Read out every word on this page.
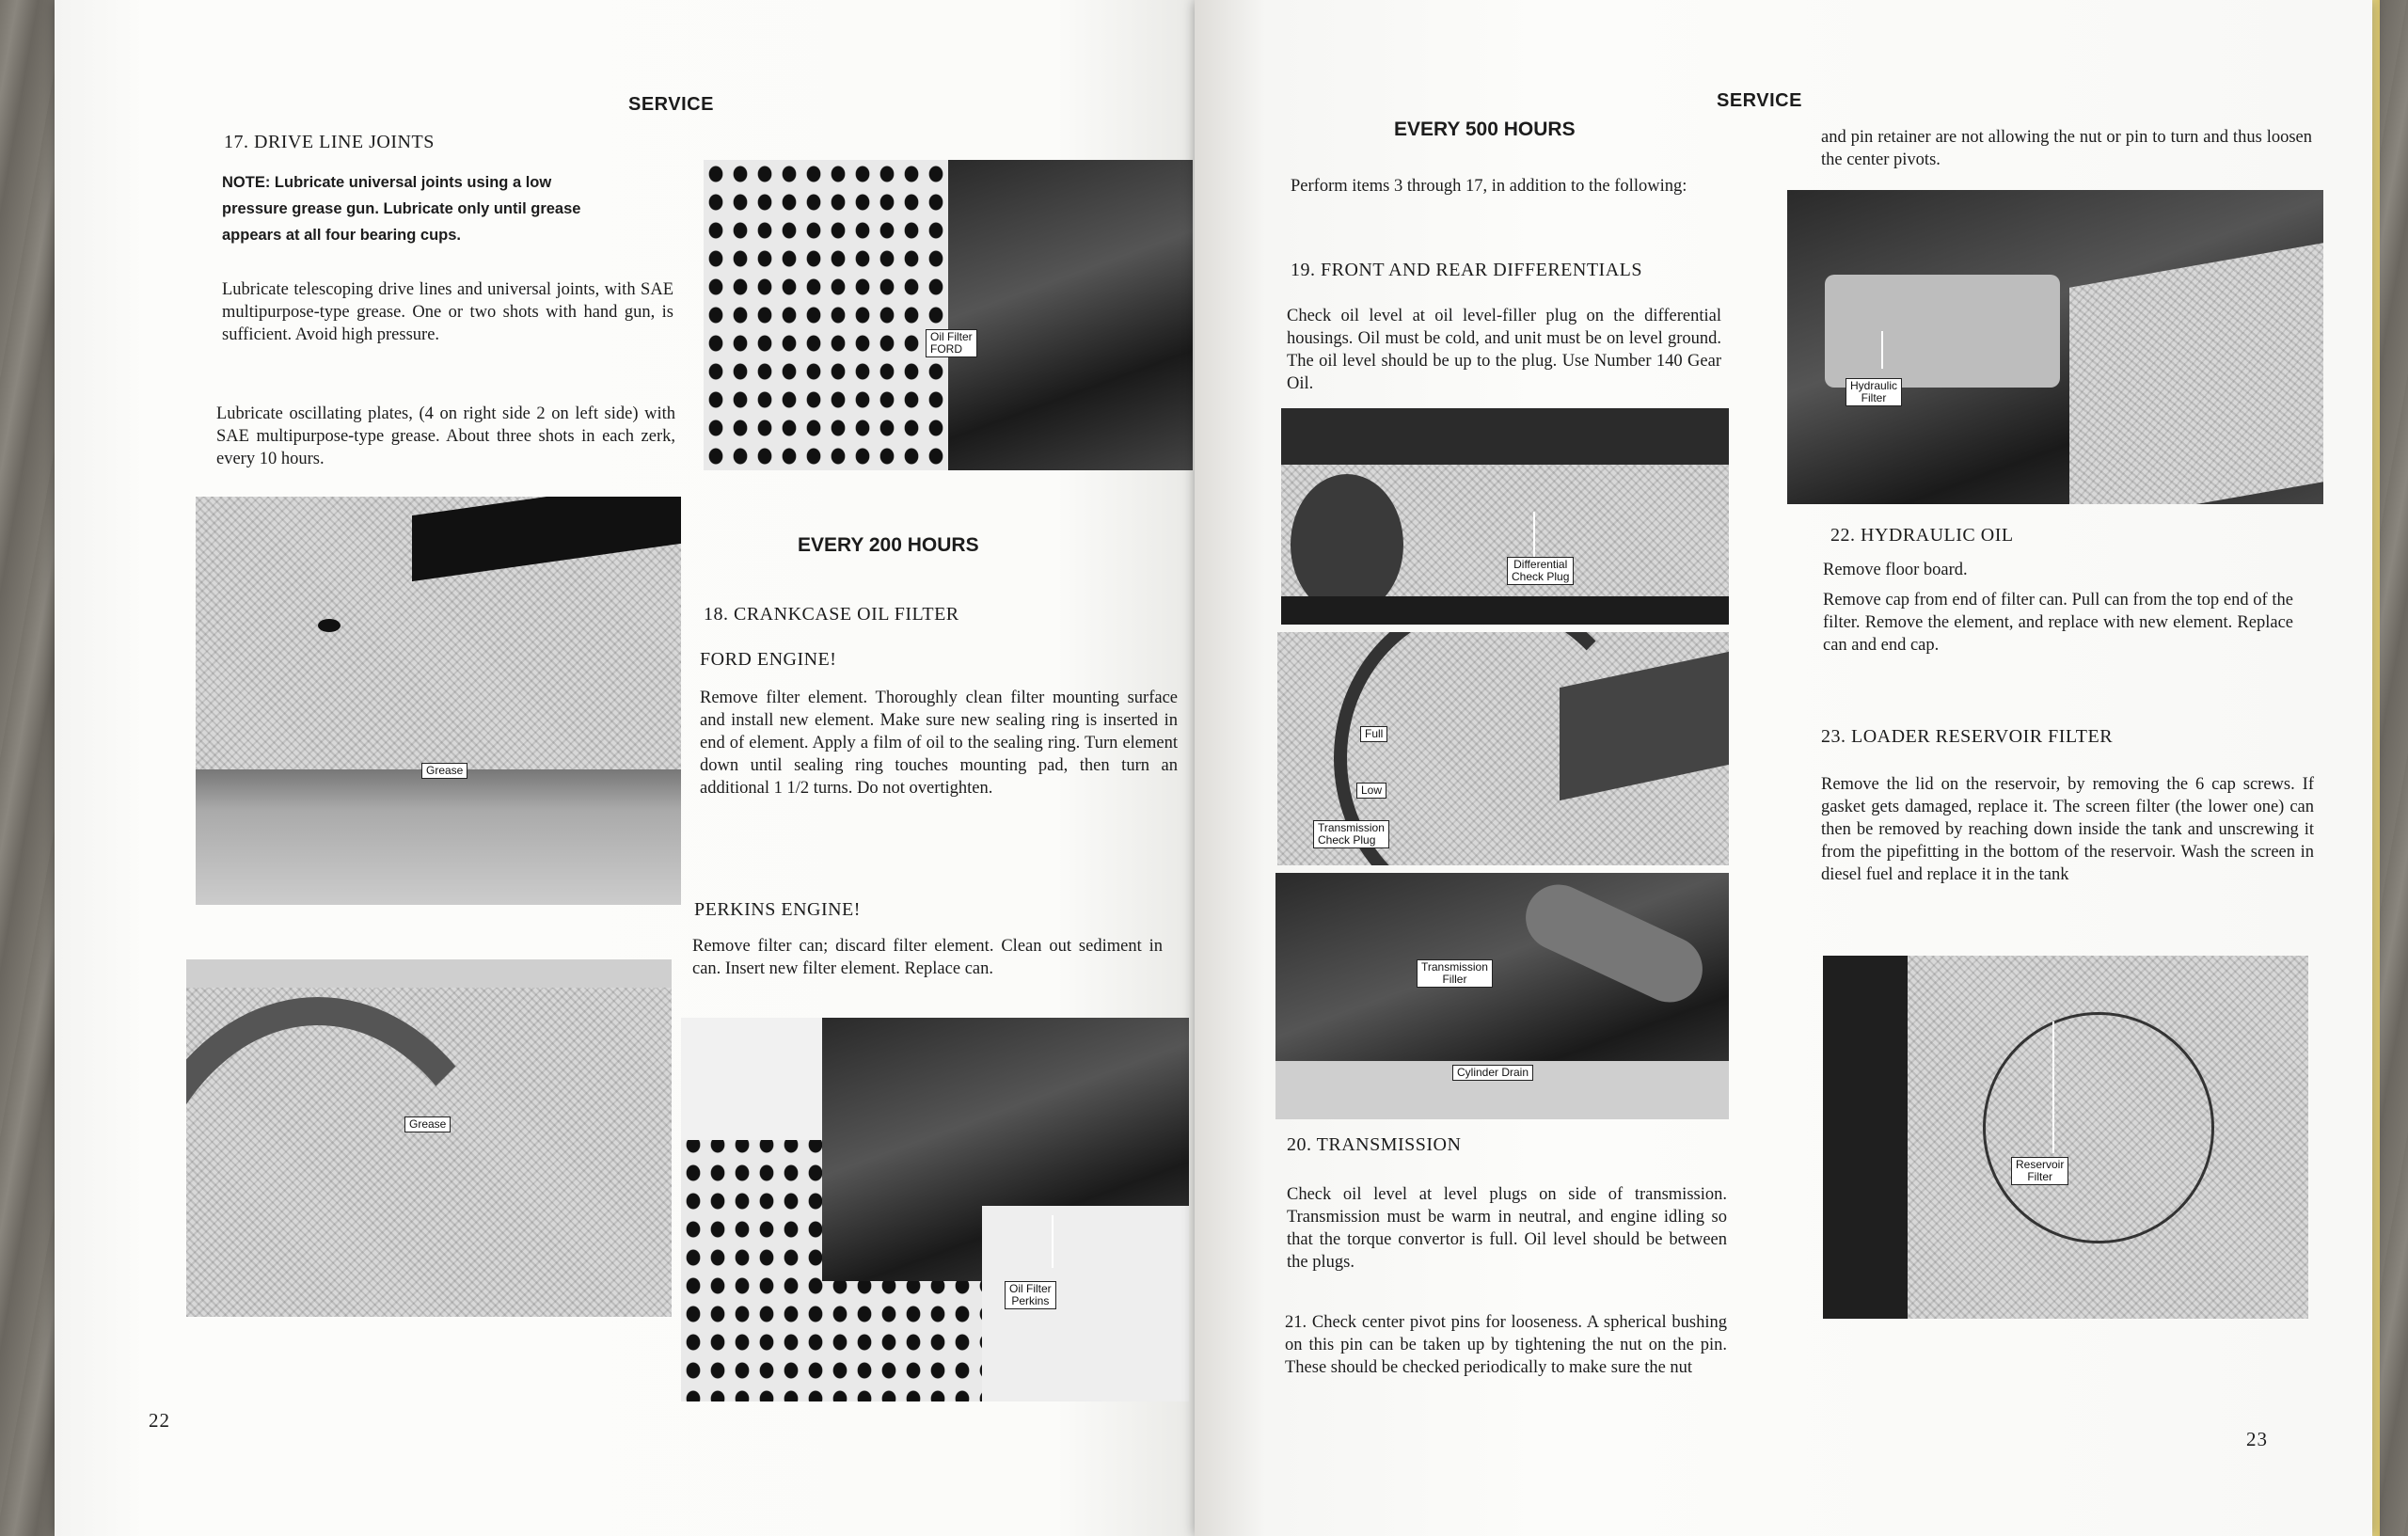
SERVICE
17. DRIVE LINE JOINTS
NOTE: Lubricate universal joints using a low
pressure grease gun. Lubricate only until grease
appears at all four bearing cups.
Lubricate telescoping drive lines and universal joints, with SAE multipurpose-type grease. One or two shots with hand gun, is sufficient. Avoid high pressure.
Lubricate oscillating plates, (4 on right side 2 on left side) with SAE multipurpose-type grease. About three shots in each zerk, every 10 hours.
Grease
Grease
Oil Filter
FORD
EVERY 200 HOURS
18. CRANKCASE OIL FILTER
FORD ENGINE!
Remove filter element. Thoroughly clean filter mounting surface and install new element. Make sure new sealing ring is inserted in end of element. Apply a film of oil to the sealing ring. Turn element down until sealing ring touches mounting pad, then turn an additional 1 1/2 turns. Do not overtighten.
PERKINS ENGINE!
Remove filter can; discard filter element. Clean out sediment in can. Insert new filter element. Replace can.
Oil Filter
Perkins
22
SERVICE
EVERY 500 HOURS
Perform items 3 through 17, in addition to the following:
19. FRONT AND REAR DIFFERENTIALS
Check oil level at oil level-filler plug on the differential housings. Oil must be cold, and unit must be on level ground. The oil level should be up to the plug. Use Number 140 Gear Oil.
Differential
Check Plug
Full
Low
Transmission
Check Plug
Transmission
Filler
Cylinder Drain
20. TRANSMISSION
Check oil level at level plugs on side of transmission. Transmission must be warm in neutral, and engine idling so that the torque convertor is full. Oil level should be between the plugs.
21. Check center pivot pins for looseness. A spherical bushing on this pin can be taken up by tightening the nut on the pin. These should be checked periodically to make sure the nut
and pin retainer are not allowing the nut or pin to turn and thus loosen the center pivots.
Hydraulic
Filter
22. HYDRAULIC OIL
Remove floor board.
Remove cap from end of filter can. Pull can from the top end of the filter. Remove the element, and replace with new element. Replace can and end cap.
23. LOADER RESERVOIR FILTER
Remove the lid on the reservoir, by removing the 6 cap screws. If gasket gets damaged, replace it. The screen filter (the lower one) can then be removed by reaching down inside the tank and unscrewing it from the pipefitting in the bottom of the reservoir. Wash the screen in diesel fuel and replace it in the tank
Reservoir
Filter
23
